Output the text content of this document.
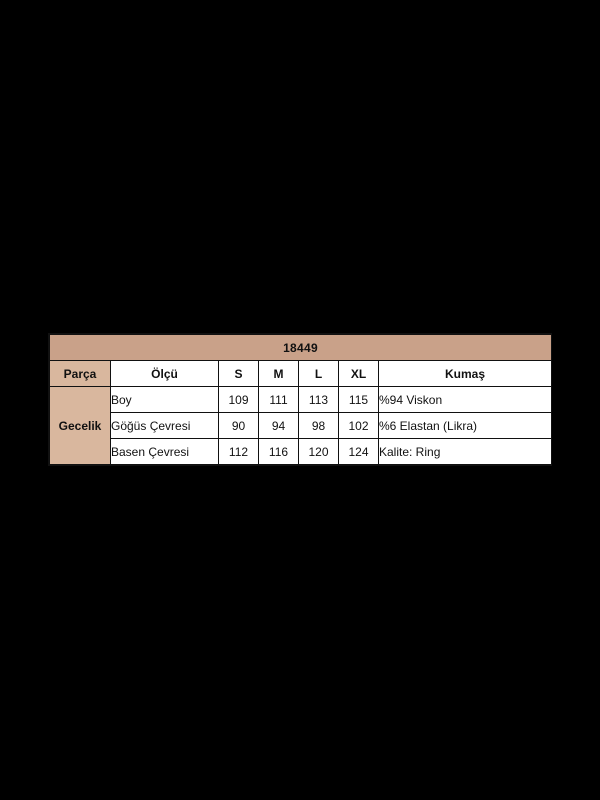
18449						
Parça	Ölçü	S	M	L	XL	Kumaş
Gecelik	Boy	109	111	113	115	%94 Viskon
	Göğüs Çevresi	90	94	98	102	%6 Elastan (Likra)
	Basen Çevresi	112	116	120	124	Kalite: Ring
